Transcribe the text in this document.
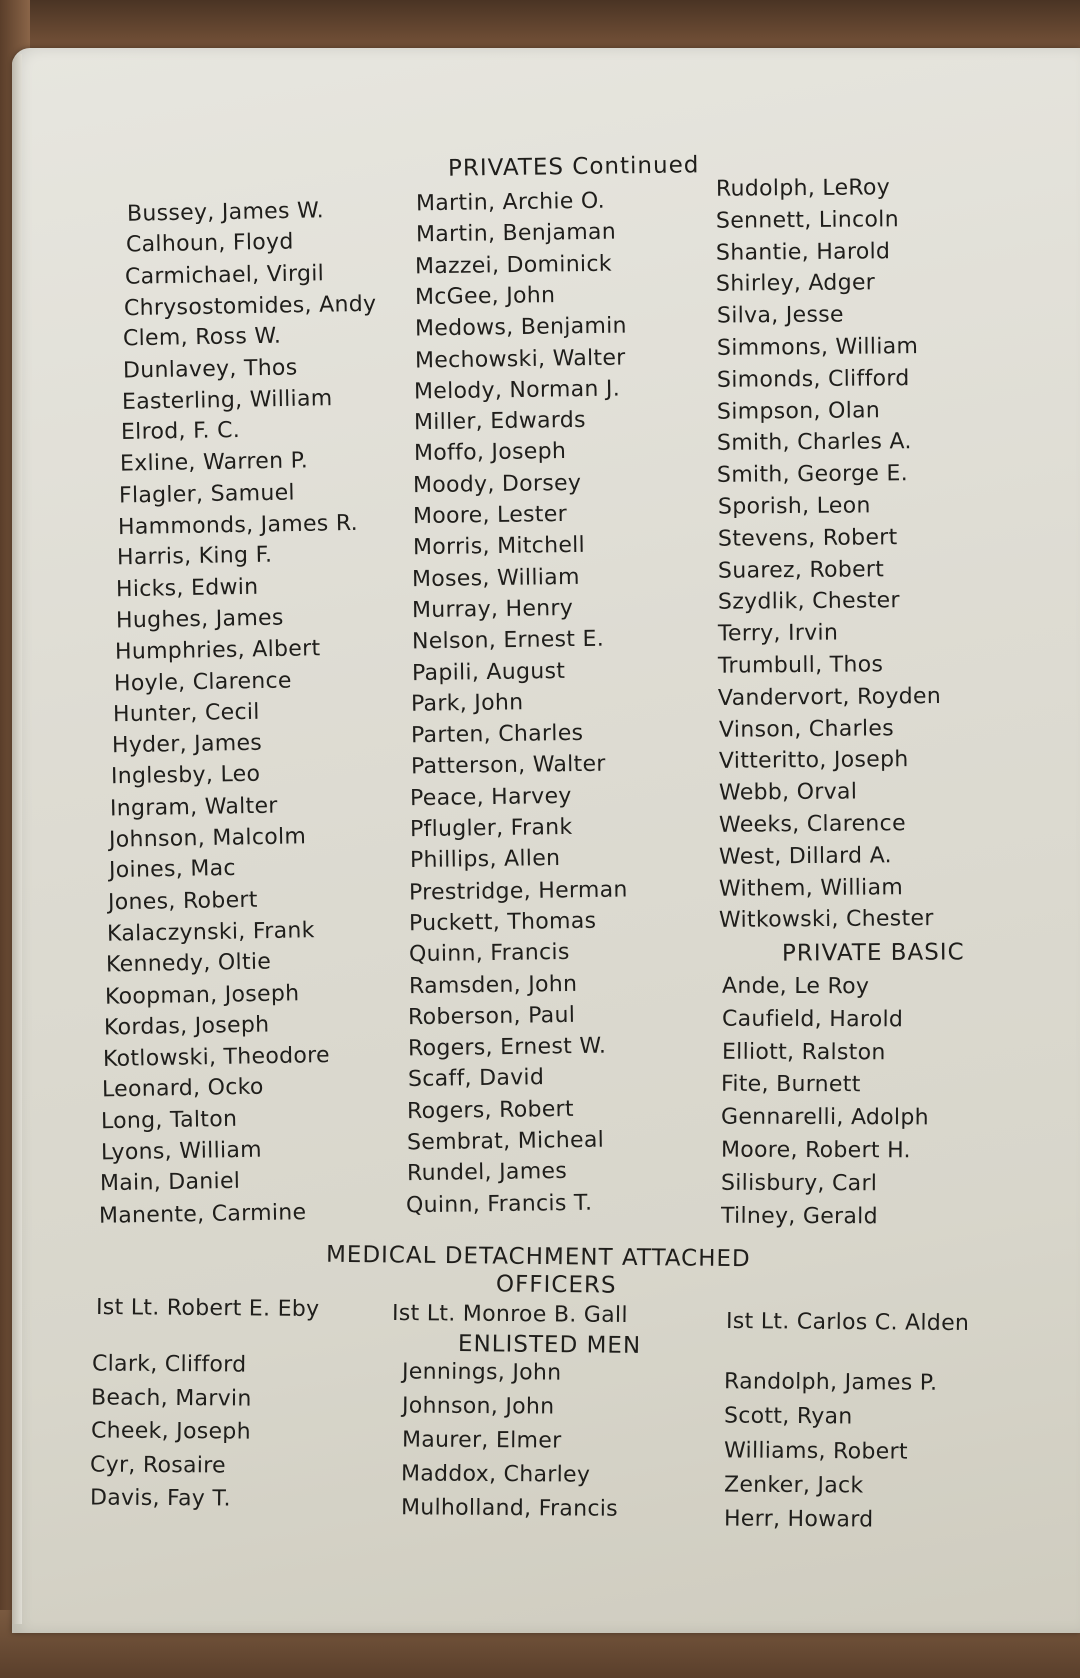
PRIVATES Continued
PRIVATE BASIC
MEDICAL DETACHMENT ATTACHED
OFFICERS
ENLISTED MEN
Bussey, James W.
Calhoun, Floyd
Carmichael, Virgil
Chrysostomides, Andy
Clem, Ross W.
Dunlavey, Thos
Easterling, William
Elrod, F. C.
Exline, Warren P.
Flagler, Samuel
Hammonds, James R.
Harris, King F.
Hicks, Edwin
Hughes, James
Humphries, Albert
Hoyle, Clarence
Hunter, Cecil
Hyder, James
Inglesby, Leo
Ingram, Walter
Johnson, Malcolm
Joines, Mac
Jones, Robert
Kalaczynski, Frank
Kennedy, Oltie
Koopman, Joseph
Kordas, Joseph
Kotlowski, Theodore
Leonard, Ocko
Long, Talton
Lyons, William
Main, Daniel
Manente, Carmine
Martin, Archie O.
Martin, Benjaman
Mazzei, Dominick
McGee, John
Medows, Benjamin
Mechowski, Walter
Melody, Norman J.
Miller, Edwards
Moffo, Joseph
Moody, Dorsey
Moore, Lester
Morris, Mitchell
Moses, William
Murray, Henry
Nelson, Ernest E.
Papili, August
Park, John
Parten, Charles
Patterson, Walter
Peace, Harvey
Pflugler, Frank
Phillips, Allen
Prestridge, Herman
Puckett, Thomas
Quinn, Francis
Ramsden, John
Roberson, Paul
Rogers, Ernest W.
Scaff, David
Rogers, Robert
Sembrat, Micheal
Rundel, James
Quinn, Francis T.
Rudolph, LeRoy
Sennett, Lincoln
Shantie, Harold
Shirley, Adger
Silva, Jesse
Simmons, William
Simonds, Clifford
Simpson, Olan
Smith, Charles A.
Smith, George E.
Sporish, Leon
Stevens, Robert
Suarez, Robert
Szydlik, Chester
Terry, Irvin
Trumbull, Thos
Vandervort, Royden
Vinson, Charles
Vitteritto, Joseph
Webb, Orval
Weeks, Clarence
West, Dillard A.
Withem, William
Witkowski, Chester
Ande, Le Roy
Caufield, Harold
Elliott, Ralston
Fite, Burnett
Gennarelli, Adolph
Moore, Robert H.
Silisbury, Carl
Tilney, Gerald
Ist Lt. Robert E. Eby	Ist Lt. Monroe B. Gall	Ist Lt. Carlos C. Alden
Clark, Clifford
Beach, Marvin
Cheek, Joseph
Cyr, Rosaire
Davis, Fay T.
Jennings, John
Johnson, John
Maurer, Elmer
Maddox, Charley
Mulholland, Francis
Randolph, James P.
Scott, Ryan
Williams, Robert
Zenker, Jack
Herr, Howard
